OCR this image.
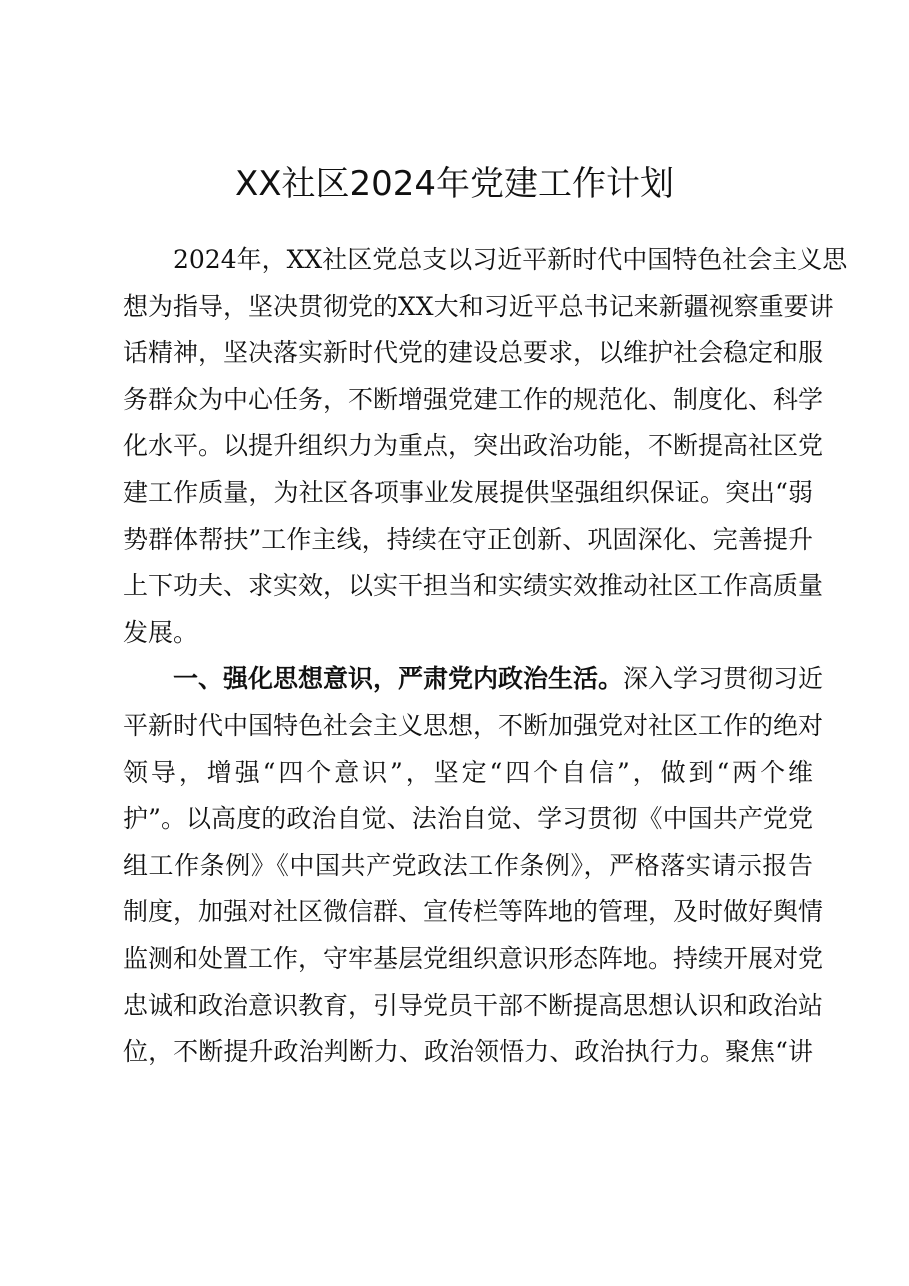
XX社区2024年党建工作计划
2024年，XX社区党总支以习近平新时代中国特色社会主义思
想为指导，坚决贯彻党的XX大和习近平总书记来新疆视察重要讲
话精神，坚决落实新时代党的建设总要求，以维护社会稳定和服
务群众为中心任务，不断增强党建工作的规范化、制度化、科学
化水平。以提升组织力为重点，突出政治功能，不断提高社区党
建工作质量，为社区各项事业发展提供坚强组织保证。突出“弱
势群体帮扶”工作主线，持续在守正创新、巩固深化、完善提升
上下功夫、求实效，以实干担当和实绩实效推动社区工作高质量
发展。
一、强化思想意识，严肃党内政治生活。深入学习贯彻习近
平新时代中国特色社会主义思想，不断加强党对社区工作的绝对
领导，增强“四个意识”，坚定“四个自信”，做到“两个维
护”。以高度的政治自觉、法治自觉、学习贯彻《中国共产党党
组工作条例》《中国共产党政法工作条例》，严格落实请示报告
制度，加强对社区微信群、宣传栏等阵地的管理，及时做好舆情
监测和处置工作，守牢基层党组织意识形态阵地。持续开展对党
忠诚和政治意识教育，引导党员干部不断提高思想认识和政治站
位，不断提升政治判断力、政治领悟力、政治执行力。聚焦“讲
